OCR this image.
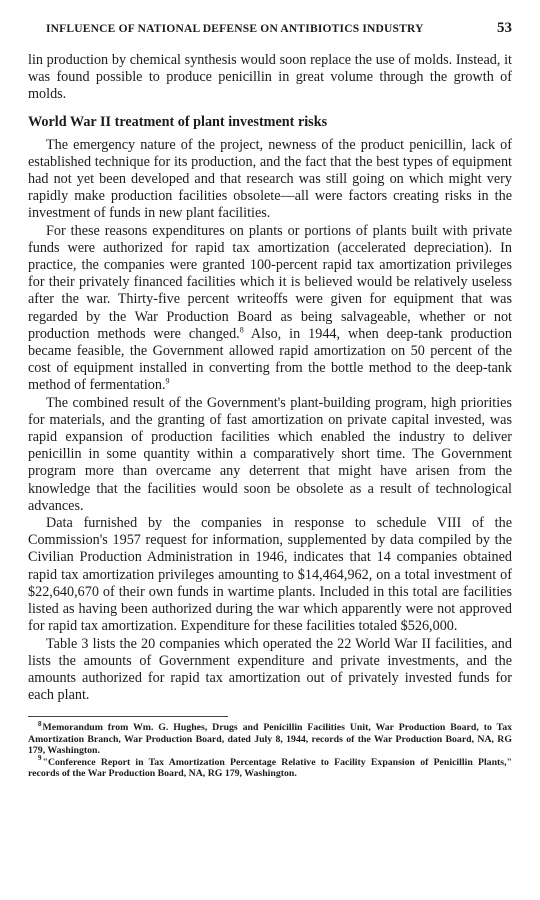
INFLUENCE OF NATIONAL DEFENSE ON ANTIBIOTICS INDUSTRY	53

lin production by chemical synthesis would soon replace the use of molds. Instead, it was found possible to produce penicillin in great volume through the growth of molds.

World War II treatment of plant investment risks

The emergency nature of the project, newness of the product penicillin, lack of established technique for its production, and the fact that the best types of equipment had not yet been developed and that research was still going on which might very rapidly make production facilities obsolete—all were factors creating risks in the investment of funds in new plant facilities.

For these reasons expenditures on plants or portions of plants built with private funds were authorized for rapid tax amortization (accelerated depreciation). In practice, the companies were granted 100-percent rapid tax amortization privileges for their privately financed facilities which it is believed would be relatively useless after the war. Thirty-five percent writeoffs were given for equipment that was regarded by the War Production Board as being salvageable, whether or not production methods were changed.$^8$ Also, in 1944, when deep-tank production became feasible, the Government allowed rapid amortization on 50 percent of the cost of equipment installed in converting from the bottle method to the deep-tank method of fermentation.$^9$

The combined result of the Government's plant-building program, high priorities for materials, and the granting of fast amortization on private capital invested, was rapid expansion of production facilities which enabled the industry to deliver penicillin in some quantity within a comparatively short time. The Government program more than overcame any deterrent that might have arisen from the knowledge that the facilities would soon be obsolete as a result of technological advances.

Data furnished by the companies in response to schedule VIII of the Commission's 1957 request for information, supplemented by data compiled by the Civilian Production Administration in 1946, indicates that 14 companies obtained rapid tax amortization privileges amounting to $14,464,962, on a total investment of $22,640,670 of their own funds in wartime plants. Included in this total are facilities listed as having been authorized during the war which apparently were not approved for rapid tax amortization. Expenditure for these facilities totaled $526,000.

Table 3 lists the 20 companies which operated the 22 World War II facilities, and lists the amounts of Government expenditure and private investments, and the amounts authorized for rapid tax amortization out of privately invested funds for each plant.

$^8$Memorandum from Wm. G. Hughes, Drugs and Penicillin Facilities Unit, War Production Board, to Tax Amortization Branch, War Production Board, dated July 8, 1944, records of the War Production Board, NA, RG 179, Washington.

$^9$"Conference Report in Tax Amortization Percentage Relative to Facility Expansion of Penicillin Plants," records of the War Production Board, NA, RG 179, Washington.
